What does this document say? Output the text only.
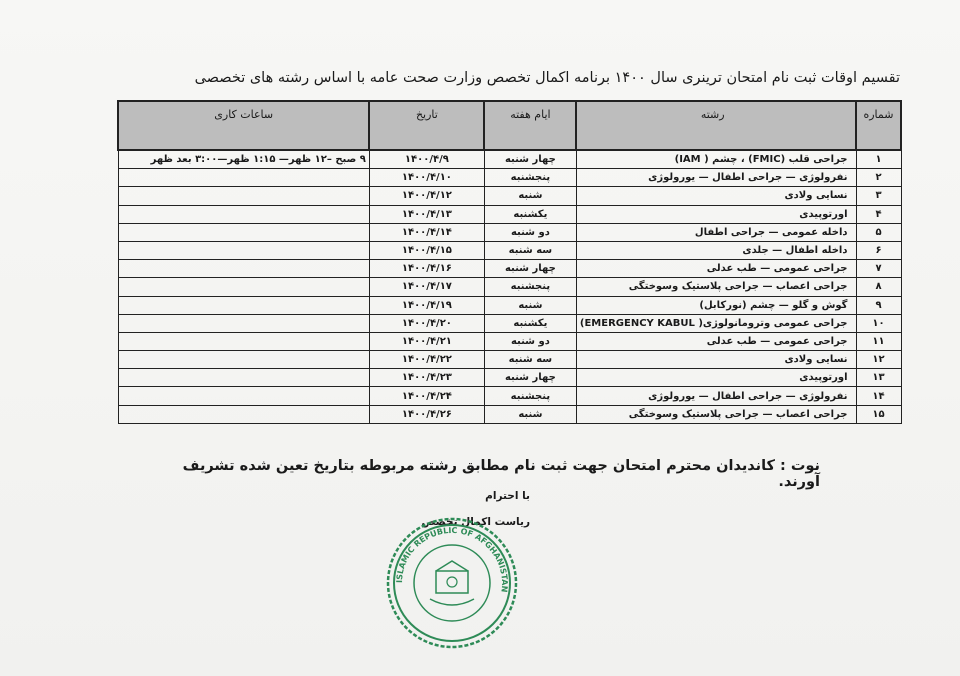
تقسیم اوقات ثبت نام امتحان ترینری سال ۱۴۰۰ برنامه اکمال تخصص وزارت صحت عامه با اساس رشته های تخصصی
شماره	رشته	ایام هفته	تاریخ	ساعات کاری
۱	جراحی قلب (FMIC) ، چشم ( IAM)	چهار شنبه	۱۴۰۰/۴/۹	۹ صبح –۱۲ ظهر— ۱:۱۵ ظهر—۳:۰۰ بعد ظهر
۲	نفرولوژی — جراحی اطفال — یورولوژی	پنجشنبه	۱۴۰۰/۴/۱۰	
۳	نسایی ولادی	شنبه	۱۴۰۰/۴/۱۲	
۴	اورتوپیدی	یکشنبه	۱۴۰۰/۴/۱۳	
۵	داخله عمومی — جراحی اطفال	دو شنبه	۱۴۰۰/۴/۱۴	
۶	داخله اطفال — جلدی	سه شنبه	۱۴۰۰/۴/۱۵	
۷	جراحی عمومی — طب عدلی	چهار شنبه	۱۴۰۰/۴/۱۶	
۸	جراحی اعصاب — جراحی پلاستیک وسوختگی	پنجشنبه	۱۴۰۰/۴/۱۷	
۹	گوش و گلو — چشم (نورکابل)	شنبه	۱۴۰۰/۴/۱۹	
۱۰	جراحی عمومی وترومانولوژی( EMERGENCY KABUL)	یکشنبه	۱۴۰۰/۴/۲۰	
۱۱	جراحی عمومی — طب عدلی	دو شنبه	۱۴۰۰/۴/۲۱	
۱۲	نسایی ولادی	سه شنبه	۱۴۰۰/۴/۲۲	
۱۳	اورتوپیدی	چهار شنبه	۱۴۰۰/۴/۲۳	
۱۴	نفرولوژی — جراحی اطفال — یورولوژی	پنجشنبه	۱۴۰۰/۴/۲۴	
۱۵	جراحی اعصاب — جراحی پلاستیک وسوختگی	شنبه	۱۴۰۰/۴/۲۶	
نوت : کاندیدان محترم امتحان جهت ثبت نام مطابق رشته مربوطه بتاریخ تعین شده تشریف آورند.
با احترام
ریاست اکمال تخصص
ISLAMIC REPUBLIC OF AFGHANISTAN
